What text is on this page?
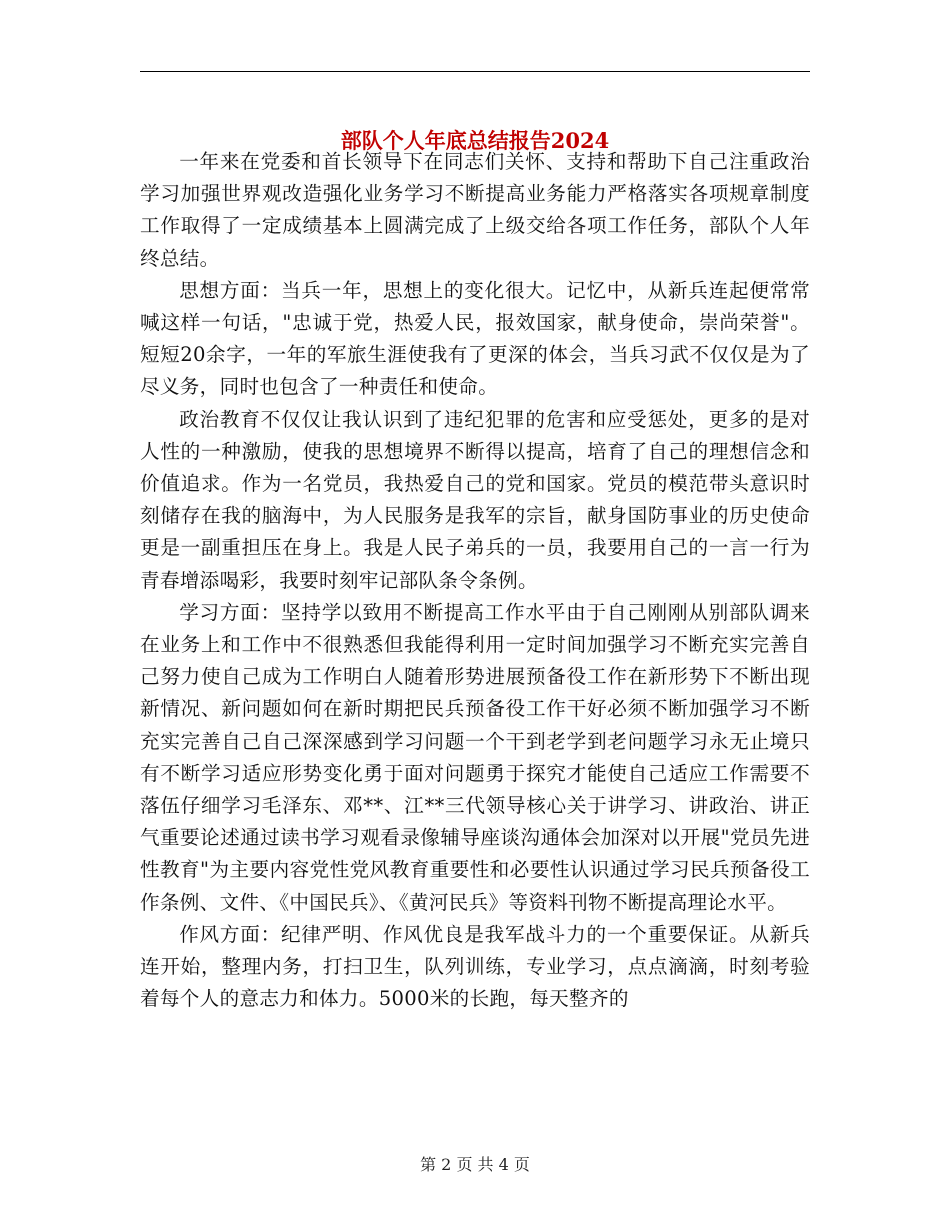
部队个人年底总结报告2024

一年来在党委和首长领导下在同志们关怀、支持和帮助下自己注重政治学习加强世界观改造强化业务学习不断提高业务能力严格落实各项规章制度工作取得了一定成绩基本上圆满完成了上级交给各项工作任务，部队个人年终总结。

思想方面：当兵一年，思想上的变化很大。记忆中，从新兵连起便常常喊这样一句话，"忠诚于党，热爱人民，报效国家，献身使命，崇尚荣誉"。短短20余字，一年的军旅生涯使我有了更深的体会，当兵习武不仅仅是为了尽义务，同时也包含了一种责任和使命。

政治教育不仅仅让我认识到了违纪犯罪的危害和应受惩处，更多的是对人性的一种激励，使我的思想境界不断得以提高，培育了自己的理想信念和价值追求。作为一名党员，我热爱自己的党和国家。党员的模范带头意识时刻储存在我的脑海中，为人民服务是我军的宗旨，献身国防事业的历史使命更是一副重担压在身上。我是人民子弟兵的一员，我要用自己的一言一行为青春增添喝彩，我要时刻牢记部队条令条例。

学习方面：坚持学以致用不断提高工作水平由于自己刚刚从别部队调来在业务上和工作中不很熟悉但我能得利用一定时间加强学习不断充实完善自己努力使自己成为工作明白人随着形势进展预备役工作在新形势下不断出现新情况、新问题如何在新时期把民兵预备役工作干好必须不断加强学习不断充实完善自己自己深深感到学习问题一个干到老学到老问题学习永无止境只有不断学习适应形势变化勇于面对问题勇于探究才能使自己适应工作需要不落伍仔细学习毛泽东、邓**、江**三代领导核心关于讲学习、讲政治、讲正气重要论述通过读书学习观看录像辅导座谈沟通体会加深对以开展"党员先进性教育"为主要内容党性党风教育重要性和必要性认识通过学习民兵预备役工作条例、文件、《中国民兵》、《黄河民兵》等资料刊物不断提高理论水平。

作风方面：纪律严明、作风优良是我军战斗力的一个重要保证。从新兵连开始，整理内务，打扫卫生，队列训练，专业学习，点点滴滴，时刻考验着每个人的意志力和体力。5000米的长跑，每天整齐的

第 2 页 共 4 页
